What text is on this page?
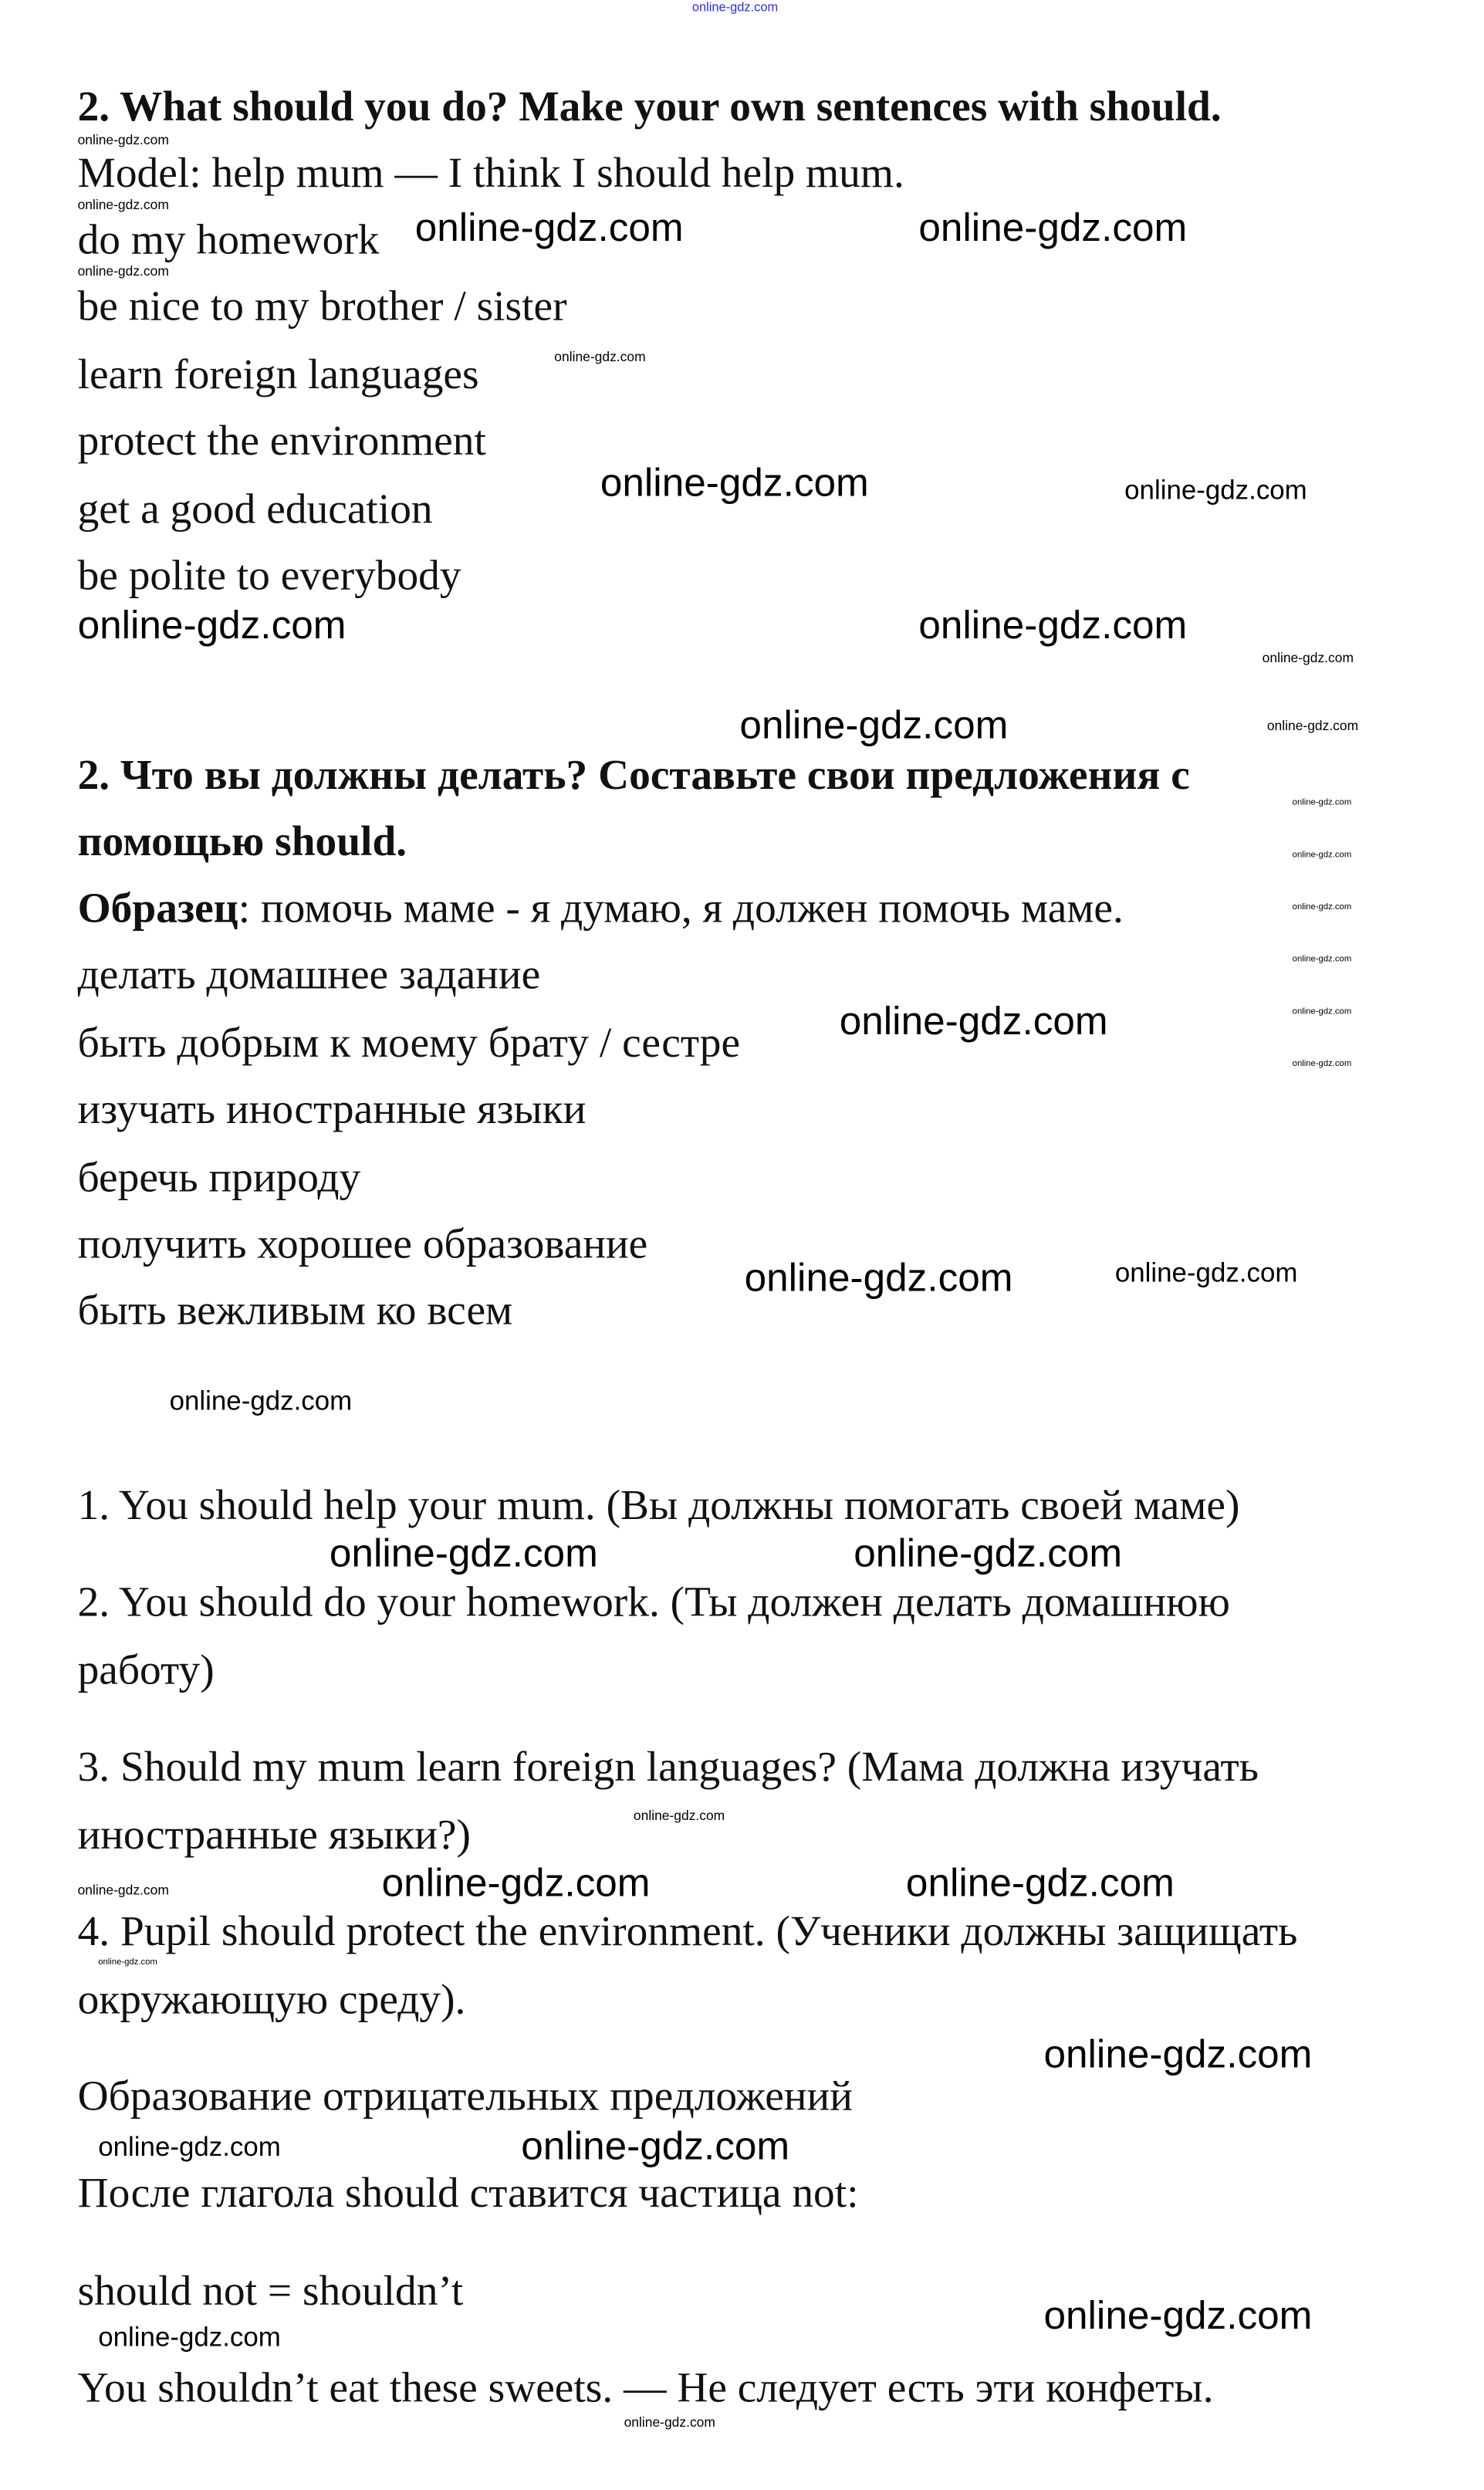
online-gdz.com
2. What should you do? Make your own sentences with should.
Model: help mum — I think I should help mum.
do my homework
be nice to my brother / sister
learn foreign languages
protect the environment
get a good education
be polite to everybody
2. Что вы должны делать? Составьте свои предложения с
помощью should.
Образец: помочь маме - я думаю, я должен помочь маме.
делать домашнее задание
быть добрым к моему брату / сестре
изучать иностранные языки
беречь природу
получить хорошее образование
быть вежливым ко всем
1. You should help your mum. (Вы должны помогать своей маме)
2. You should do your homework. (Ты должен делать домашнюю
работу)
3. Should my mum learn foreign languages? (Мама должна изучать
иностранные языки?)
4. Pupil should protect the environment. (Ученики должны защищать
окружающую среду).
Образование отрицательных предложений
После глагола should ставится частица not:
should not = shouldn’t
You shouldn’t eat these sweets. — Не следует есть эти конфеты.
online-gdz.com	online-gdz.com
online-gdz.com
online-gdz.com
online-gdz.com
online-gdz.com
online-gdz.com
online-gdz.com
online-gdz.com	online-gdz.com
online-gdz.com
online-gdz.com
online-gdz.com
online-gdz.com
online-gdz.com
online-gdz.com
online-gdz.com
online-gdz.com
online-gdz.com
online-gdz.com
online-gdz.com
online-gdz.com
online-gdz.com
online-gdz.com
online-gdz.com
online-gdz.com
online-gdz.com
online-gdz.com
online-gdz.com
online-gdz.com
online-gdz.com
online-gdz.com
online-gdz.com
online-gdz.com
online-gdz.com
online-gdz.com
